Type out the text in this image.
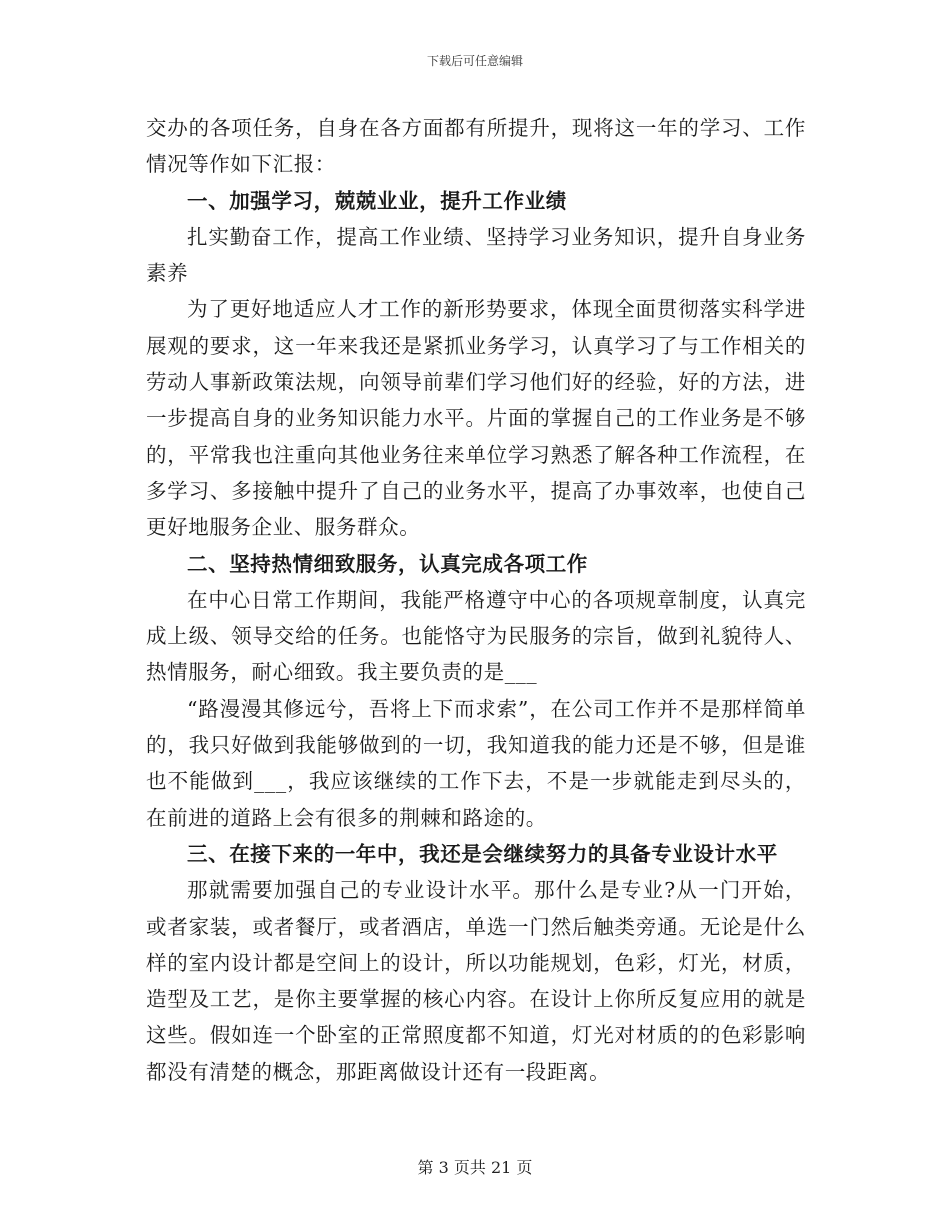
下载后可任意编辑

交办的各项任务，自身在各方面都有所提升，现将这一年的学习、工作情况等作如下汇报：

一、加强学习，兢兢业业，提升工作业绩

扎实勤奋工作，提高工作业绩、坚持学习业务知识，提升自身业务素养

为了更好地适应人才工作的新形势要求，体现全面贯彻落实科学进展观的要求，这一年来我还是紧抓业务学习，认真学习了与工作相关的劳动人事新政策法规，向领导前辈们学习他们好的经验，好的方法，进一步提高自身的业务知识能力水平。片面的掌握自己的工作业务是不够的，平常我也注重向其他业务往来单位学习熟悉了解各种工作流程，在多学习、多接触中提升了自己的业务水平，提高了办事效率，也使自己更好地服务企业、服务群众。

二、坚持热情细致服务，认真完成各项工作

在中心日常工作期间，我能严格遵守中心的各项规章制度，认真完成上级、领导交给的任务。也能恪守为民服务的宗旨，做到礼貌待人、热情服务，耐心细致。我主要负责的是___

“路漫漫其修远兮，吾将上下而求索”，在公司工作并不是那样简单的，我只好做到我能够做到的一切，我知道我的能力还是不够，但是谁也不能做到___，我应该继续的工作下去，不是一步就能走到尽头的，在前进的道路上会有很多的荆棘和路途的。

三、在接下来的一年中，我还是会继续努力的具备专业设计水平

那就需要加强自己的专业设计水平。那什么是专业?从一门开始，或者家装，或者餐厅，或者酒店，单选一门然后触类旁通。无论是什么样的室内设计都是空间上的设计，所以功能规划，色彩，灯光，材质，造型及工艺，是你主要掌握的核心内容。在设计上你所反复应用的就是这些。假如连一个卧室的正常照度都不知道，灯光对材质的的色彩影响都没有清楚的概念，那距离做设计还有一段距离。

第 3 页共 21 页
